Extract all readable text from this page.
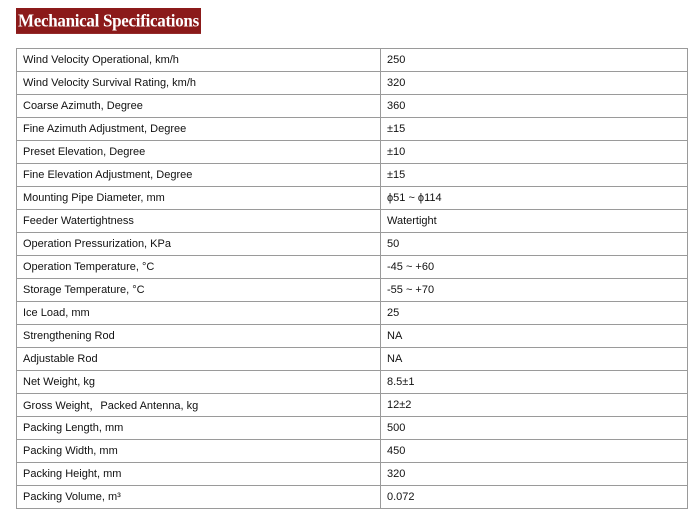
Mechanical Specifications
Wind Velocity Operational, km/h	250
Wind Velocity Survival Rating, km/h	320
Coarse Azimuth, Degree	360
Fine Azimuth Adjustment, Degree	±15
Preset Elevation, Degree	±10
Fine Elevation Adjustment, Degree	±15
Mounting Pipe Diameter, mm	ϕ51 ~ ϕ114
Feeder Watertightness	Watertight
Operation Pressurization, KPa	50
Operation Temperature, °C	-45 ~ +60
Storage Temperature, °C	-55 ~ +70
Ice Load, mm	25
Strengthening Rod	NA
Adjustable Rod	NA
Net Weight, kg	8.5±1
Gross Weight，Packed Antenna, kg	12±2
Packing Length, mm	500
Packing Width, mm	450
Packing Height, mm	320
Packing Volume, m³	0.072
